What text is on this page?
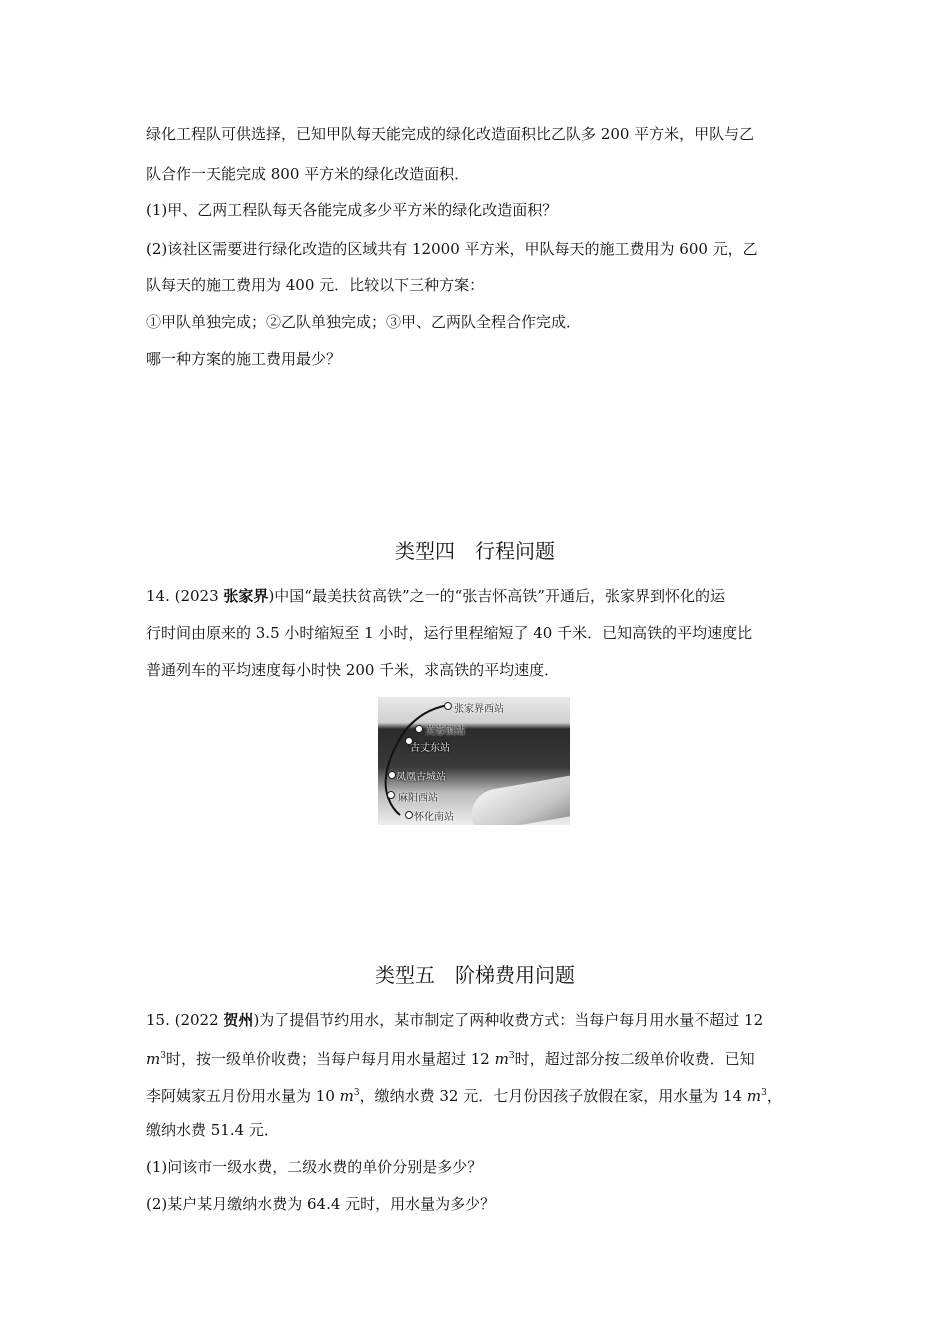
绿化工程队可供选择，已知甲队每天能完成的绿化改造面积比乙队多 200 平方米，甲队与乙
队合作一天能完成 800 平方米的绿化改造面积．
(1)甲、乙两工程队每天各能完成多少平方米的绿化改造面积？
(2)该社区需要进行绿化改造的区域共有 12000 平方米，甲队每天的施工费用为 600 元，乙
队每天的施工费用为 400 元．比较以下三种方案：
①甲队单独完成；②乙队单独完成；③甲、乙两队全程合作完成．
哪一种方案的施工费用最少？
类型四　行程问题
14. (2023 张家界)中国“最美扶贫高铁”之一的“张吉怀高铁”开通后，张家界到怀化的运
行时间由原来的 3.5 小时缩短至 1 小时，运行里程缩短了 40 千米．已知高铁的平均速度比
普通列车的平均速度每小时快 200 千米，求高铁的平均速度．
张家界西站
芙蓉镇站
古丈东站
凤凰古城站
麻阳西站
怀化南站
类型五　阶梯费用问题
15. (2022 贺州)为了提倡节约用水，某市制定了两种收费方式：当每户每月用水量不超过 12
$m^3$时，按一级单价收费；当每户每月用水量超过 12 $m^3$时，超过部分按二级单价收费．已知
李阿姨家五月份用水量为 10 $m^3$，缴纳水费 32 元．七月份因孩子放假在家，用水量为 14 $m^3$，
缴纳水费 51.4 元．
(1)问该市一级水费，二级水费的单价分别是多少？
(2)某户某月缴纳水费为 64.4 元时，用水量为多少？
